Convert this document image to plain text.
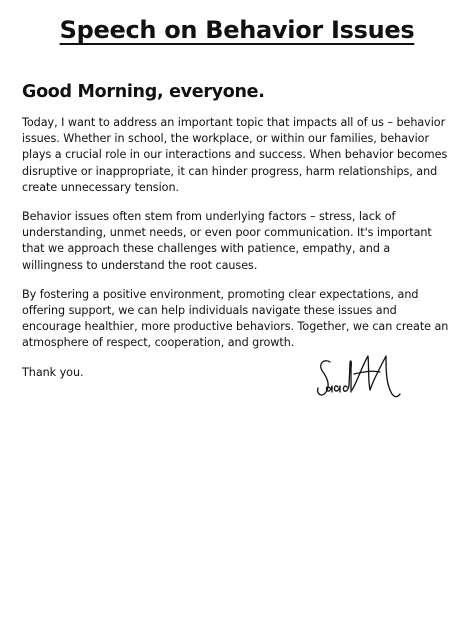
Speech on Behavior Issues
Good Morning, everyone.

Today, I want to address an important topic that impacts all of us – behavior issues. Whether in school, the workplace, or within our families, behavior plays a crucial role in our interactions and success. When behavior becomes disruptive or inappropriate, it can hinder progress, harm relationships, and create unnecessary tension.

Behavior issues often stem from underlying factors – stress, lack of understanding, unmet needs, or even poor communication. It's important that we approach these challenges with patience, empathy, and a willingness to understand the root causes.

By fostering a positive environment, promoting clear expectations, and offering support, we can help individuals navigate these issues and encourage healthier, more productive behaviors. Together, we can create an atmosphere of respect, cooperation, and growth.

Thank you.
